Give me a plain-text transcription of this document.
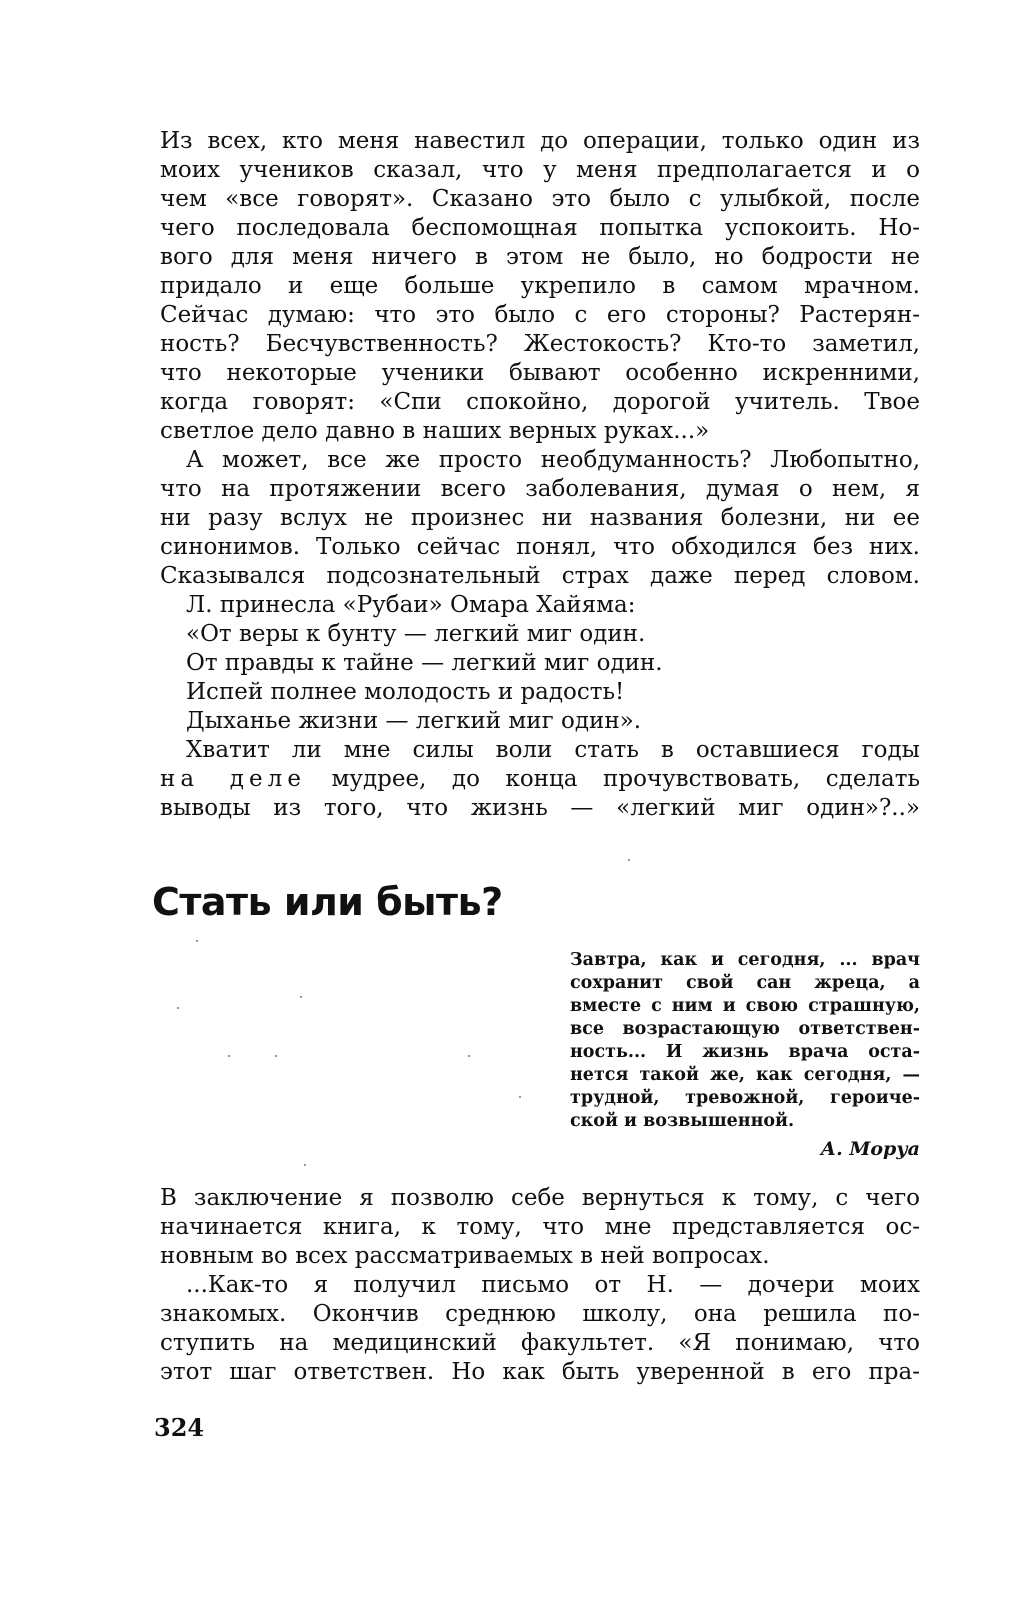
Из всех, кто меня навестил до операции, только один из
моих учеников сказал, что у меня предполагается и о
чем «все говорят». Сказано это было с улыбкой, после
чего последовала беспомощная попытка успокоить. Но-
вого для меня ничего в этом не было, но бодрости не
придало и еще больше укрепило в самом мрачном.
Сейчас думаю: что это было с его стороны? Растерян-
ность? Бесчувственность? Жестокость? Кто-то заметил,
что некоторые ученики бывают особенно искренними,
когда говорят: «Спи спокойно, дорогой учитель. Твое
светлое дело давно в наших верных руках...»
А может, все же просто необдуманность? Любопытно,
что на протяжении всего заболевания, думая о нем, я
ни разу вслух не произнес ни названия болезни, ни ее
синонимов. Только сейчас понял, что обходился без них.
Сказывался подсознательный страх даже перед словом.
Л. принесла «Рубаи» Омара Хайяма:
«От веры к бунту — легкий миг один.
От правды к тайне — легкий миг один.
Испей полнее молодость и радость!
Дыханье жизни — легкий миг один».
Хватит ли мне силы воли стать в оставшиеся годы
на деле мудрее, до конца прочувствовать, сделать
выводы из того, что жизнь — «легкий миг один»?..»
Стать или быть?
Завтра, как и сегодня, ... врач
сохранит свой сан жреца, а
вместе с ним и свою страшную,
все возрастающую ответствен-
ность... И жизнь врача оста-
нется такой же, как сегодня, —
трудной, тревожной, героиче-
ской и возвышенной.
А. Моруа
В заключение я позволю себе вернуться к тому, с чего
начинается книга, к тому, что мне представляется ос-
новным во всех рассматриваемых в ней вопросах.
...Как-то я получил письмо от Н. — дочери моих
знакомых. Окончив среднюю школу, она решила по-
ступить на медицинский факультет. «Я понимаю, что
этот шаг ответствен. Но как быть уверенной в его пра-
324
